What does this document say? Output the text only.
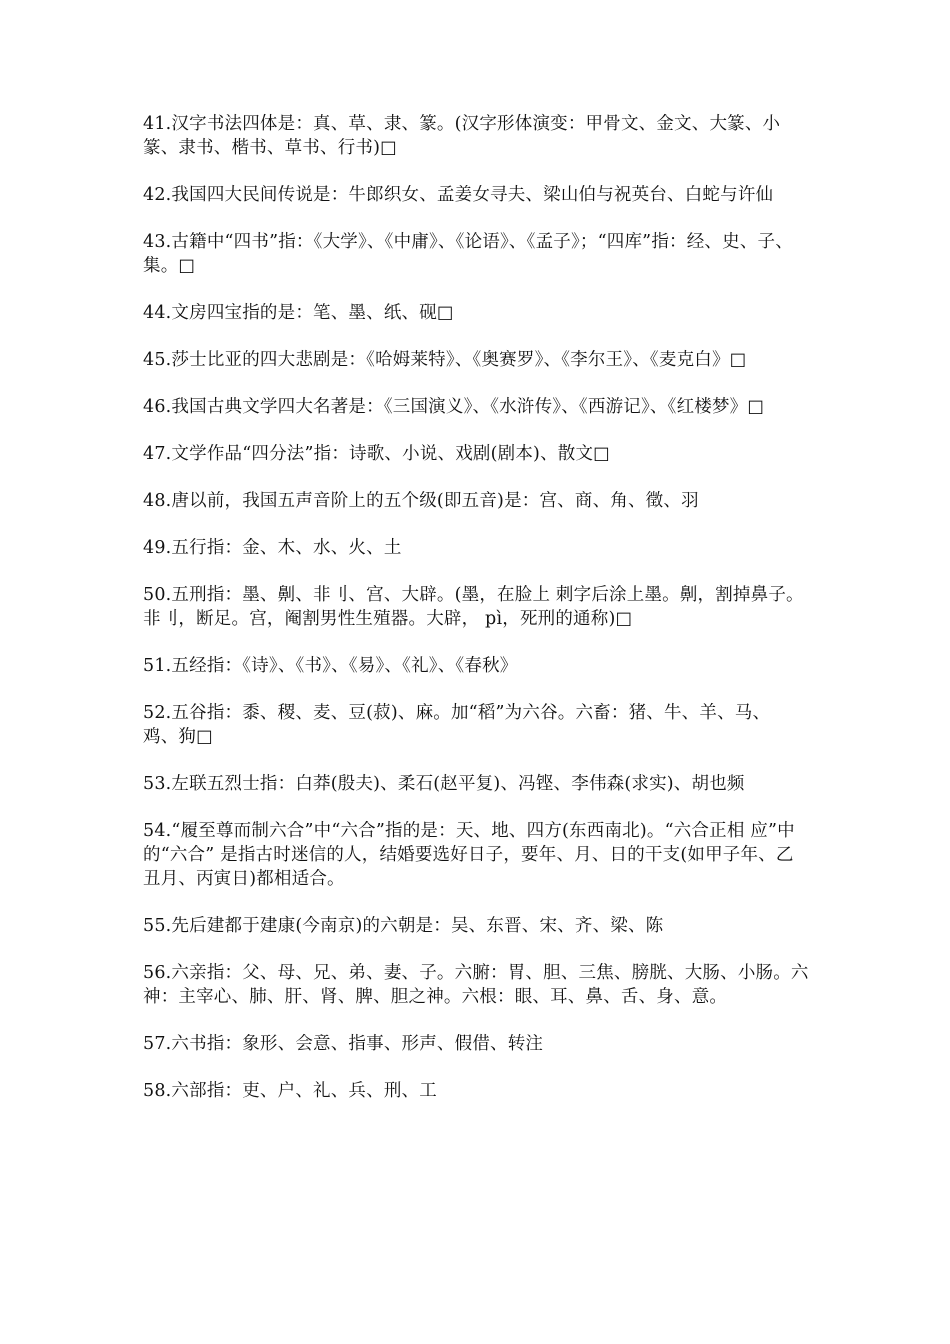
41.汉字书法四体是：真、草、隶、篆。(汉字形体演变：甲骨文、金文、大篆、小篆、隶书、楷书、草书、行书)□
42.我国四大民间传说是：牛郎织女、孟姜女寻夫、梁山伯与祝英台、白蛇与许仙
43.古籍中“四书”指：《大学》、《中庸》、《论语》、《孟子》；“四库”指：经、史、子、集。□
44.文房四宝指的是：笔、墨、纸、砚□
45.莎士比亚的四大悲剧是：《哈姆莱特》、《奥赛罗》、《李尔王》、《麦克白》□
46.我国古典文学四大名著是：《三国演义》、《水浒传》、《西游记》、《红楼梦》□
47.文学作品“四分法”指：诗歌、小说、戏剧(剧本)、散文□
48.唐以前，我国五声音阶上的五个级(即五音)是：宫、商、角、徵、羽
49.五行指：金、木、水、火、土
50.五刑指：墨、劓、非刂、宫、大辟。(墨，在脸上 刺字后涂上墨。劓，割掉鼻子。非刂，断足。宫，阉割男性生殖器。大辟， pì，死刑的通称)□
51.五经指：《诗》、《书》、《易》、《礼》、《春秋》
52.五谷指：黍、稷、麦、豆(菽)、麻。加“稻”为六谷。六畜：猪、牛、羊、马、 鸡、狗□
53.左联五烈士指：白莽(殷夫)、柔石(赵平复)、冯铿、李伟森(求实)、胡也频
54.“履至尊而制六合”中“六合”指的是：天、地、四方(东西南北)。“六合正相 应”中的“六合” 是指古时迷信的人，结婚要选好日子，要年、月、日的干支(如甲子年、乙丑月、丙寅日)都相适合。
55.先后建都于建康(今南京)的六朝是：吴、东晋、宋、齐、梁、陈
56.六亲指：父、母、兄、弟、妻、子。六腑：胃、胆、三焦、膀胱、大肠、小肠。六神：主宰心、肺、肝、肾、脾、胆之神。六根：眼、耳、鼻、舌、身、意。
57.六书指：象形、会意、指事、形声、假借、转注
58.六部指：吏、户、礼、兵、刑、工
